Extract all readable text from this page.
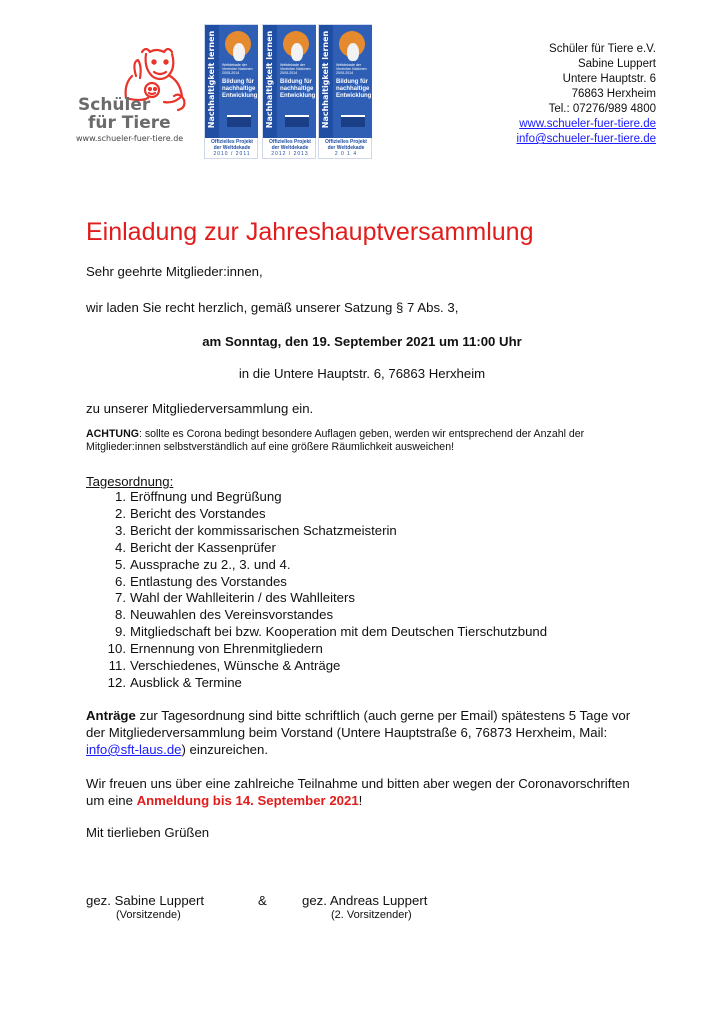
Schüler
für Tiere
www.schueler-fuer-tiere.de
Nachhaltigkeit lernen Weltdekade der Vereinten Nationen 2005-2014
Bildung für nachhaltige Entwicklung
Offizielles Projekt der Weltdekade
2010 / 2011
Nachhaltigkeit lernen Weltdekade der Vereinten Nationen 2005-2014
Bildung für nachhaltige Entwicklung
Offizielles Projekt der Weltdekade
2012 / 2013
Nachhaltigkeit lernen Weltdekade der Vereinten Nationen 2005-2014
Bildung für nachhaltige Entwicklung
Offizielles Projekt der Weltdekade
2 0 1 4
Schüler für Tiere e.V.
Sabine Luppert
Untere Hauptstr. 6
76863 Herxheim
Tel.: 07276/989 4800
www.schueler-fuer-tiere.de
info@schueler-fuer-tiere.de
Einladung zur Jahreshauptversammlung
Sehr geehrte Mitglieder:innen,
wir laden Sie recht herzlich, gemäß unserer Satzung § 7 Abs. 3,
am Sonntag, den 19. September 2021 um 11:00 Uhr
in die Untere Hauptstr. 6, 76863 Herxheim
zu unserer Mitgliederversammlung ein.
ACHTUNG: sollte es Corona bedingt besondere Auflagen geben, werden wir entsprechend der Anzahl der Mitglieder:innen selbstverständlich auf eine größere Räumlichkeit ausweichen!
Tagesordnung:
1. Eröffnung und Begrüßung
2. Bericht des Vorstandes
3. Bericht der kommissarischen Schatzmeisterin
4. Bericht der Kassenprüfer
5. Aussprache zu 2., 3. und 4.
6. Entlastung des Vorstandes
7. Wahl der Wahlleiterin / des Wahlleiters
8. Neuwahlen des Vereinsvorstandes
9. Mitgliedschaft bei bzw. Kooperation mit dem Deutschen Tierschutzbund
10. Ernennung von Ehrenmitgliedern
11. Verschiedenes, Wünsche & Anträge
12. Ausblick & Termine
Anträge zur Tagesordnung sind bitte schriftlich (auch gerne per Email) spätestens 5 Tage vor der Mitgliederversammlung beim Vorstand (Untere Hauptstraße 6, 76873 Herxheim, Mail: info@sft-laus.de) einzureichen.
Wir freuen uns über eine zahlreiche Teilnahme und bitten aber wegen der Coronavorschriften um eine Anmeldung bis 14. September 2021!
Mit tierlieben Grüßen
gez. Sabine Luppert	&	gez. Andreas Luppert
(Vorsitzende)	(2. Vorsitzender)
